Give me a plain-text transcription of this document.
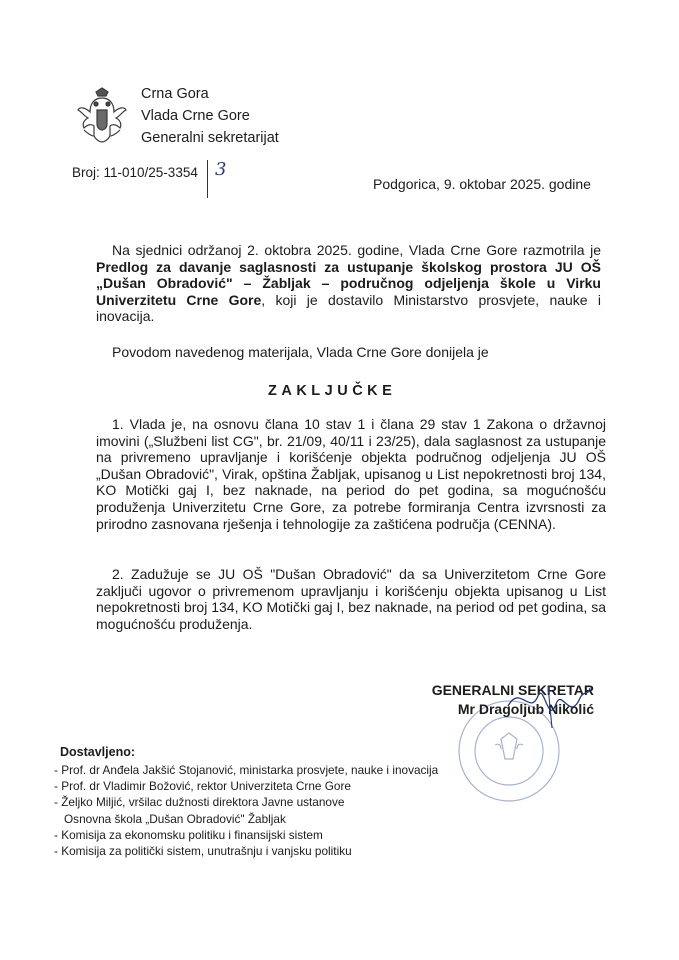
Crna Gora
Vlada Crne Gore
Generalni sekretarijat
Broj: 11-010/25-3354 3
Podgorica, 9. oktobar 2025. godine
Na sjednici održanoj 2. oktobra 2025. godine, Vlada Crne Gore razmotrila je Predlog za davanje saglasnosti za ustupanje školskog prostora JU OŠ „Dušan Obradović" – Žabljak – područnog odjeljenja škole u Virku Univerzitetu Crne Gore, koji je dostavilo Ministarstvo prosvjete, nauke i inovacija.
Povodom navedenog materijala, Vlada Crne Gore donijela je
ZAKLJUČKE
1. Vlada je, na osnovu člana 10 stav 1 i člana 29 stav 1 Zakona o državnoj imovini („Službeni list CG", br. 21/09, 40/11 i 23/25), dala saglasnost za ustupanje na privremeno upravljanje i korišćenje objekta područnog odjeljenja JU OŠ „Dušan Obradović", Virak, opština Žabljak, upisanog u List nepokretnosti broj 134, KO Motički gaj I, bez naknade, na period do pet godina, sa mogućnošću produženja Univerzitetu Crne Gore, za potrebe formiranja Centra izvrsnosti za prirodno zasnovana rješenja i tehnologije za zaštićena područja (CENNA).
2. Zadužuje se JU OŠ "Dušan Obradović" da sa Univerzitetom Crne Gore zaključi ugovor o privremenom upravljanju i korišćenju objekta upisanog u List nepokretnosti broj 134, KO Motički gaj I, bez naknade, na period od pet godina, sa mogućnošću produženja.
GENERALNI SEKRETAR
Mr Dragoljub Nikolić
Dostavljeno:
- Prof. dr Anđela Jakšić Stojanović, ministarka prosvjete, nauke i inovacija
- Prof. dr Vladimir Božović, rektor Univerziteta Crne Gore
- Željko Miljić, vršilac dužnosti direktora Javne ustanove
Osnovna škola „Dušan Obradović" Žabljak
- Komisija za ekonomsku politiku i finansijski sistem
- Komisija za politički sistem, unutrašnju i vanjsku politiku
